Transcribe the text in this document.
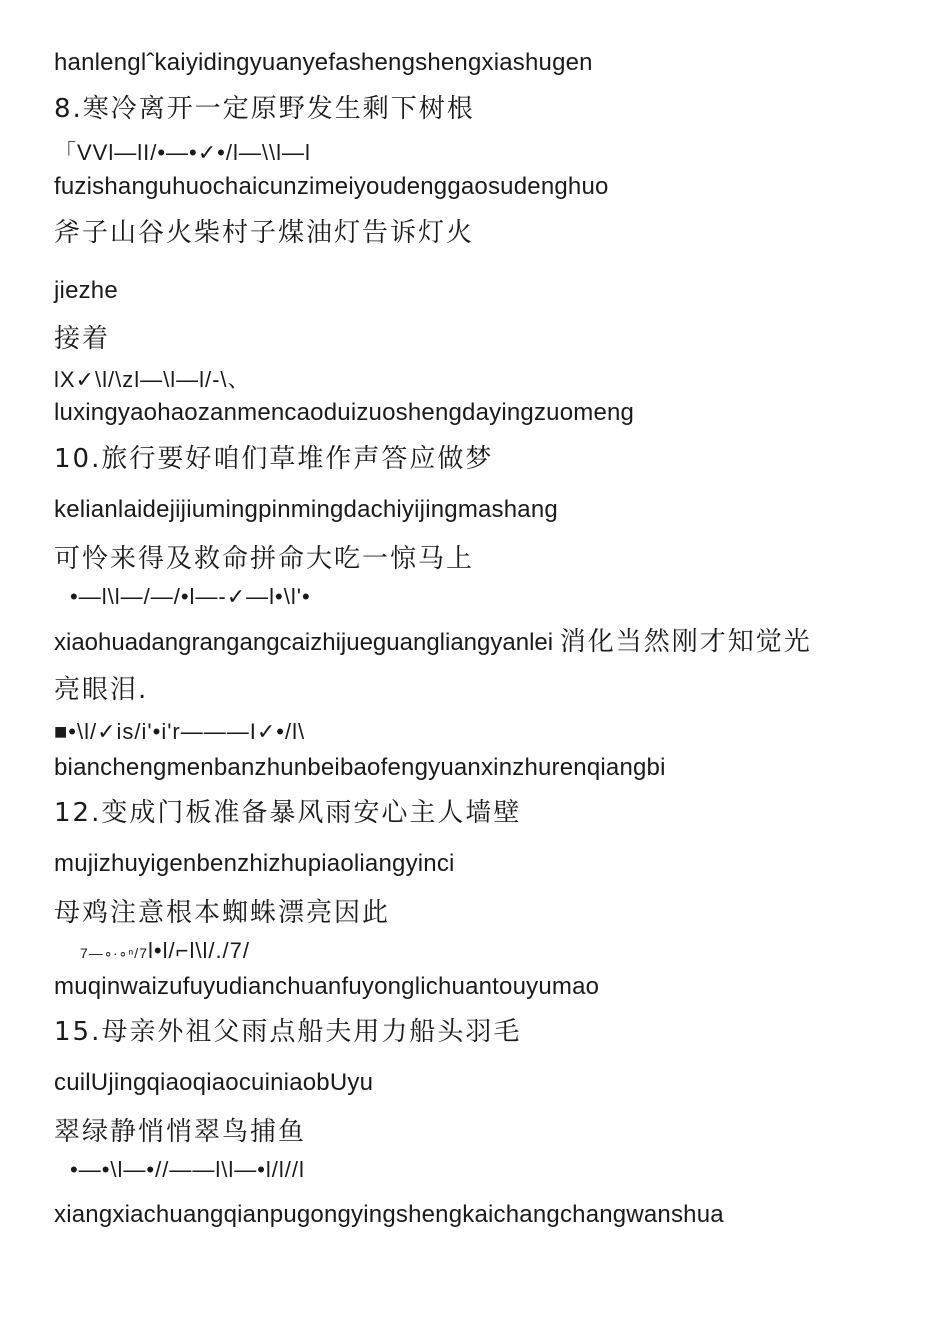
hanlenglˆkaiyidingyuanyefashengshengxiashugen

8.寒冷离开一定原野发生剩下树根

「VVl—lI/•—•✓•/l—\\l—l

fuzishanguhuochaicunzimeiyoudenggaosudenghuo

斧子山谷火柴村子煤油灯告诉灯火

jiezhe

接着

lX✓\l/\zl—\l—l/-\、

luxingyaohaozanmencaoduizuoshengdayingzuomeng

10.旅行要好咱们草堆作声答应做梦

kelianlaidejijiumingpinmingdachiyijingmashang

可怜来得及救命拼命大吃一惊马上

•—l\l—/—/•l—-✓—l•\l'•

xiaohuadangrangangcaizhijueguangliangyanlei 消化当然刚才知觉光

亮眼泪.

■•\l/✓is/i'•i'r———I✓•/l\

bianchengmenbanzhunbeibaofengyuanxinzhurenqiangbi

12.变成门板准备暴风雨安心主人墙壁

mujizhuyigenbenzhizhupiaoliangyinci

母鸡注意根本蜘蛛漂亮因此

7—∘∙∘ⁿ/7l•l/⌐l\l/./7/

muqinwaizufuyudianchuanfuyonglichuantouyumao

15.母亲外祖父雨点船夫用力船头羽毛

cuilUjingqiaoqiaocuiniaobUyu

翠绿静悄悄翠鸟捕鱼

•—•\l—•//——l\l—•l/l//l

xiangxiachuangqianpugongyingshengkaichangchangwanshua
